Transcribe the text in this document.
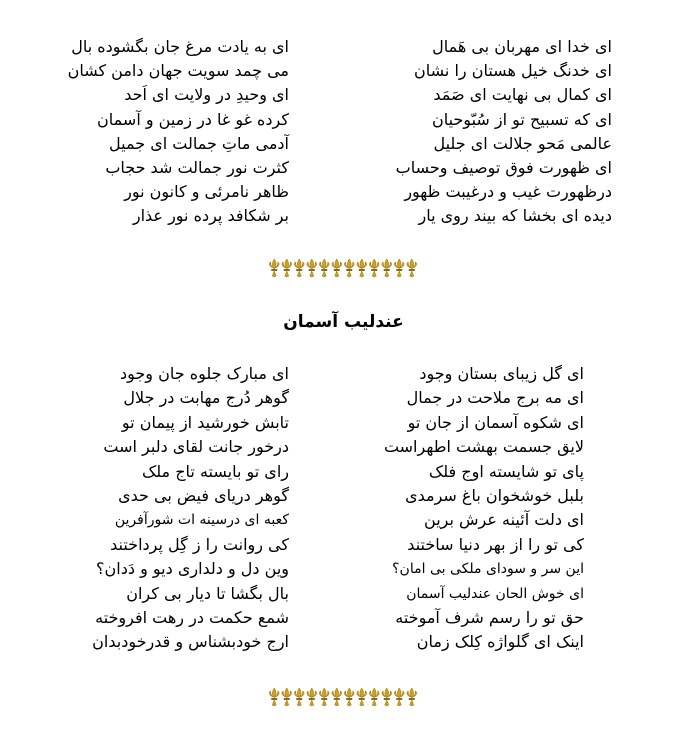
ای خدا ای مهربان بی هَمال
ای خدنگ خیل هستان را نشان
ای کمال بی نهایت ای صَمَد
ای که تسبیح تو از سُبّوحیان
عالمی مَحو جلالت ای جلیل
ای ظهورت فوق توصیف وحساب
درظهورت غیب و درغیبت ظهور
دیده ای بخشا که بیند روی یار
ای به یادت مرغ جان بگشوده بال
می چمد سویت جهان دامن کشان
ای وحیدِ در ولایت ای اَحد
کرده غو غا در زمین و آسمان
آدمی ماتِ جمالت ای جمیل
کثرت نور جمالت شد حجاب
ظاهر نامرئی و کانون نور
بر شکافد پرده نور عذار
عندلیب آسمان
ای گل زیبای بستان وجود
ای مه برج ملاحت در جمال
ای شکوه آسمان از جان تو
لایق جسمت بهشت اطهراست
پای تو شایسته اوج فلک
بلبل خوشخوان باغ سرمدی
ای دلت آئینه عرش برین
کی تو را از بهر دنیا ساختند
این سر و سودای ملکی بی امان؟
ای خوش الحان عندلیب آسمان
حق تو را رسم شرف آموخته
اینک ای گلواژه کِلک زمان
ای مبارک جلوه جان وجود
گوهر دُرج مهابت در جلال
تابش خورشید از پیمان تو
درخور جانت لقای دلبر است
رای تو بایسته تاج ملک
گوهر دریای فیض بی حدی
کعبه ای درسینه ات شورآفرین
کی روانت را ز گِل پرداختند
وین دل و دلداری دیو و دَدان؟
بال بگشا تا دیار بی کران
شمع حکمت در رهت افروخته
ارج خودبشناس و قدرخودبدان
